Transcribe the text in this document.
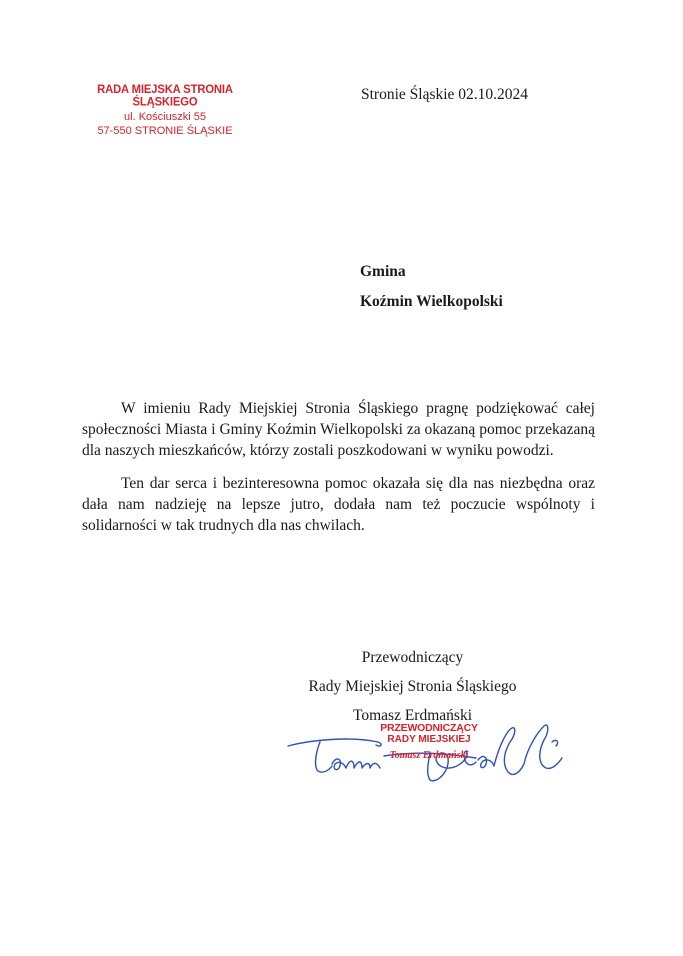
RADA MIEJSKA STRONIA ŚLĄSKIEGO
ul. Kościuszki 55
57-550 STRONIE ŚLĄSKIE
Stronie Śląskie 02.10.2024
Gmina
Koźmin Wielkopolski

W imieniu Rady Miejskiej Stronia Śląskiego pragnę podziękować całej społeczności Miasta i Gminy Koźmin Wielkopolski za okazaną pomoc przekazaną dla naszych mieszkańców, którzy zostali poszkodowani w wyniku powodzi.

Ten dar serca i bezinteresowna pomoc okazała się dla nas niezbędna oraz dała nam nadzieję na lepsze jutro, dodała nam też poczucie wspólnoty i solidarności w tak trudnych dla nas chwilach.

Przewodniczący
Rady Miejskiej Stronia Śląskiego
Tomasz Erdmański
PRZEWODNICZĄCY
RADY MIEJSKIEJ
Tomasz Erdmański
